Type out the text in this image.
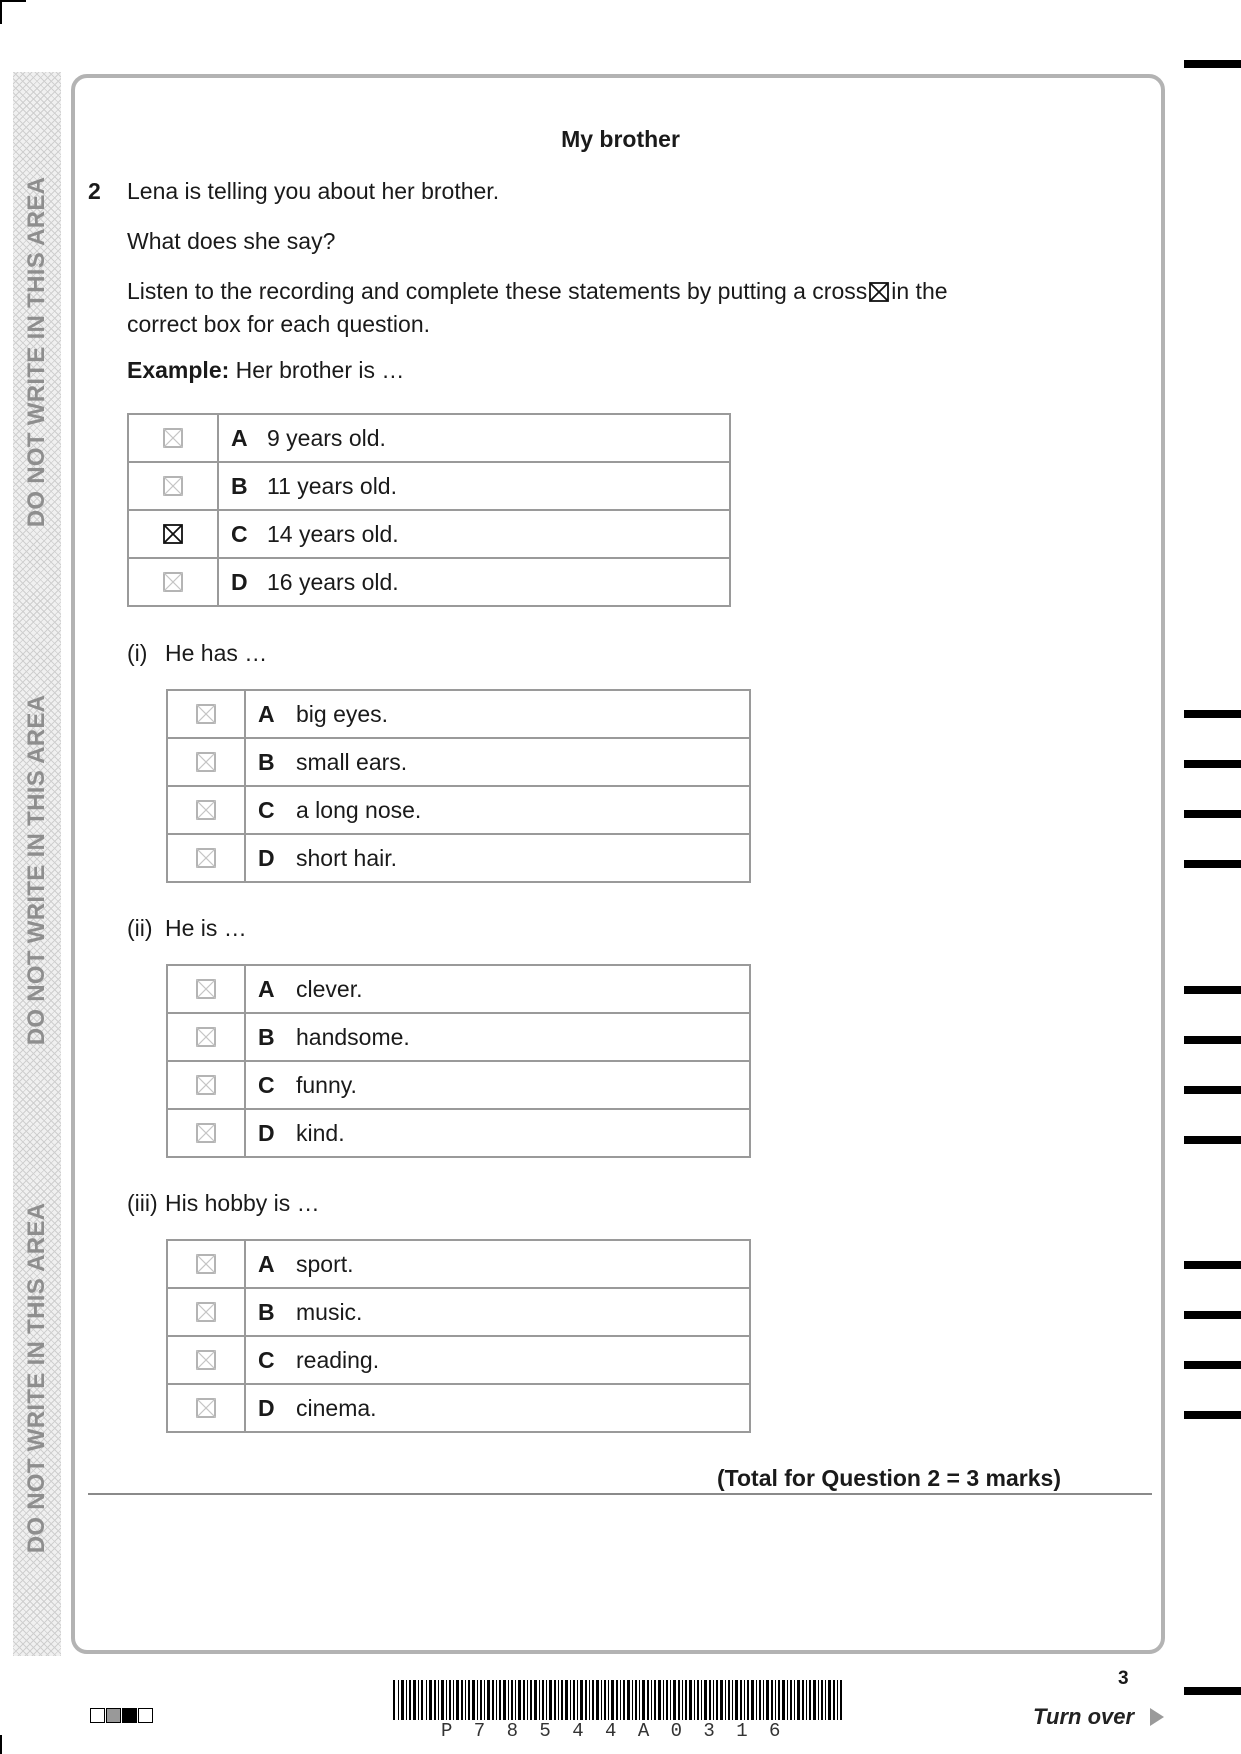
DO NOT WRITE IN THIS AREA
DO NOT WRITE IN THIS AREA
DO NOT WRITE IN THIS AREA
My brother
2 Lena is telling you about her brother.
What does she say?
Listen to the recording and complete these statements by putting a cross ☒ in the
correct box for each question.
Example: Her brother is …
	A 9 years old.

	B 11 years old.

	C 14 years old.

	D 16 years old.
(i) He has …
	A big eyes.

	B small ears.

	C a long nose.

	D short hair.
(ii) He is …
	A clever.

	B handsome.

	C funny.

	D kind.
(iii) His hobby is …
	A sport.

	B music.

	C reading.

	D cinema.
(Total for Question 2 = 3 marks)
P 7 8 5 4 4 A 0 3 1 6
3
Turn over
